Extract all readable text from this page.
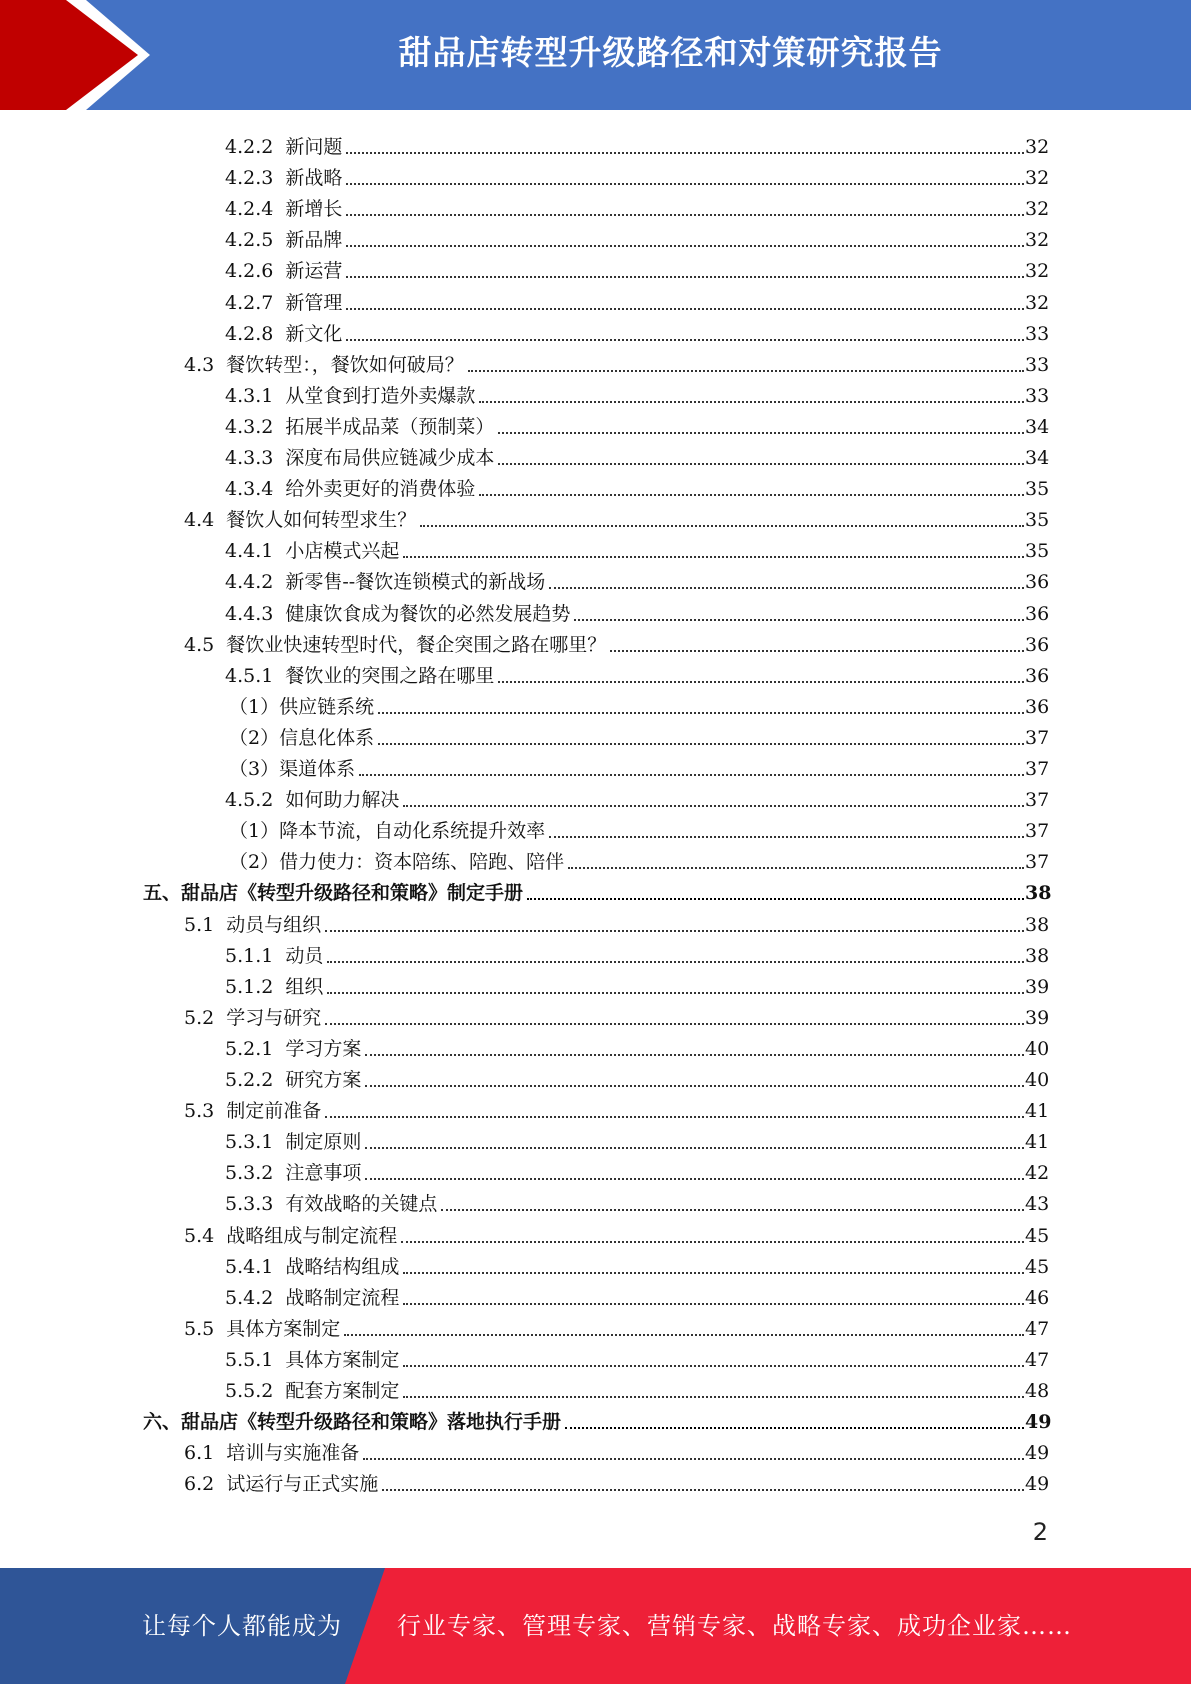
甜品店转型升级路径和对策研究报告
4.2.2 新问题	32
4.2.3 新战略	32
4.2.4 新增长	32
4.2.5 新品牌	32
4.2.6 新运营	32
4.2.7 新管理	32
4.2.8 新文化	33
4.3 餐饮转型：，餐饮如何破局？	33
4.3.1 从堂食到打造外卖爆款	33
4.3.2 拓展半成品菜（预制菜）	34
4.3.3 深度布局供应链减少成本	34
4.3.4 给外卖更好的消费体验	35
4.4 餐饮人如何转型求生？	35
4.4.1 小店模式兴起	35
4.4.2 新零售--餐饮连锁模式的新战场	36
4.4.3 健康饮食成为餐饮的必然发展趋势	36
4.5 餐饮业快速转型时代，餐企突围之路在哪里？	36
4.5.1 餐饮业的突围之路在哪里	36
（1）供应链系统	36
（2）信息化体系	37
（3）渠道体系	37
4.5.2 如何助力解决	37
（1）降本节流，自动化系统提升效率	37
（2）借力使力：资本陪练、陪跑、陪伴	37
五、甜品店《转型升级路径和策略》制定手册	38
5.1 动员与组织	38
5.1.1 动员	38
5.1.2 组织	39
5.2 学习与研究	39
5.2.1 学习方案	40
5.2.2 研究方案	40
5.3 制定前准备	41
5.3.1 制定原则	41
5.3.2 注意事项	42
5.3.3 有效战略的关键点	43
5.4 战略组成与制定流程	45
5.4.1 战略结构组成	45
5.4.2 战略制定流程	46
5.5 具体方案制定	47
5.5.1 具体方案制定	47
5.5.2 配套方案制定	48
六、甜品店《转型升级路径和策略》落地执行手册	49
6.1 培训与实施准备	49
6.2 试运行与正式实施	49
2
让每个人都能成为 行业专家、管理专家、营销专家、战略专家、成功企业家……
